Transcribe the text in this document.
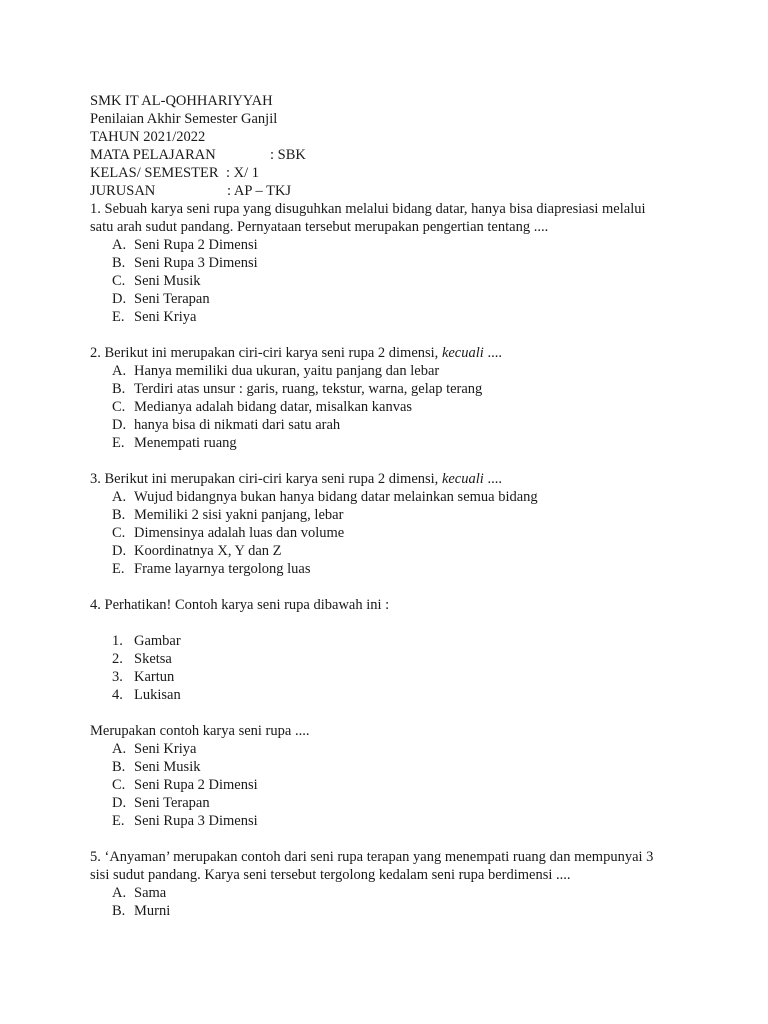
SMK IT AL-QOHHARIYYAH
Penilaian Akhir Semester Ganjil
TAHUN 2021/2022
MATA PELAJARAN	: SBK
KELAS/ SEMESTER : X/ 1
JURUSAN	: AP – TKJ
1. Sebuah karya seni rupa yang disuguhkan melalui bidang datar, hanya bisa diapresiasi melalui
satu arah sudut pandang. Pernyataan tersebut merupakan pengertian tentang ....
A. Seni Rupa 2 Dimensi
B. Seni Rupa 3 Dimensi
C. Seni Musik
D. Seni Terapan
E. Seni Kriya
2. Berikut ini merupakan ciri-ciri karya seni rupa 2 dimensi, kecuali ....
A. Hanya memiliki dua ukuran, yaitu panjang dan lebar
B. Terdiri atas unsur : garis, ruang, tekstur, warna, gelap terang
C. Medianya adalah bidang datar, misalkan kanvas
D. hanya bisa di nikmati dari satu arah
E. Menempati ruang
3. Berikut ini merupakan ciri-ciri karya seni rupa 2 dimensi, kecuali ....
A. Wujud bidangnya bukan hanya bidang datar melainkan semua bidang
B. Memiliki 2 sisi yakni panjang, lebar
C. Dimensinya adalah luas dan volume
D. Koordinatnya X, Y dan Z
E. Frame layarnya tergolong luas
4. Perhatikan! Contoh karya seni rupa dibawah ini :
1. Gambar
2. Sketsa
3. Kartun
4. Lukisan
Merupakan contoh karya seni rupa ....
A. Seni Kriya
B. Seni Musik
C. Seni Rupa 2 Dimensi
D. Seni Terapan
E. Seni Rupa 3 Dimensi
5. ‘Anyaman’ merupakan contoh dari seni rupa terapan yang menempati ruang dan mempunyai 3
sisi sudut pandang. Karya seni tersebut tergolong kedalam seni rupa berdimensi ....
A. Sama
B. Murni
